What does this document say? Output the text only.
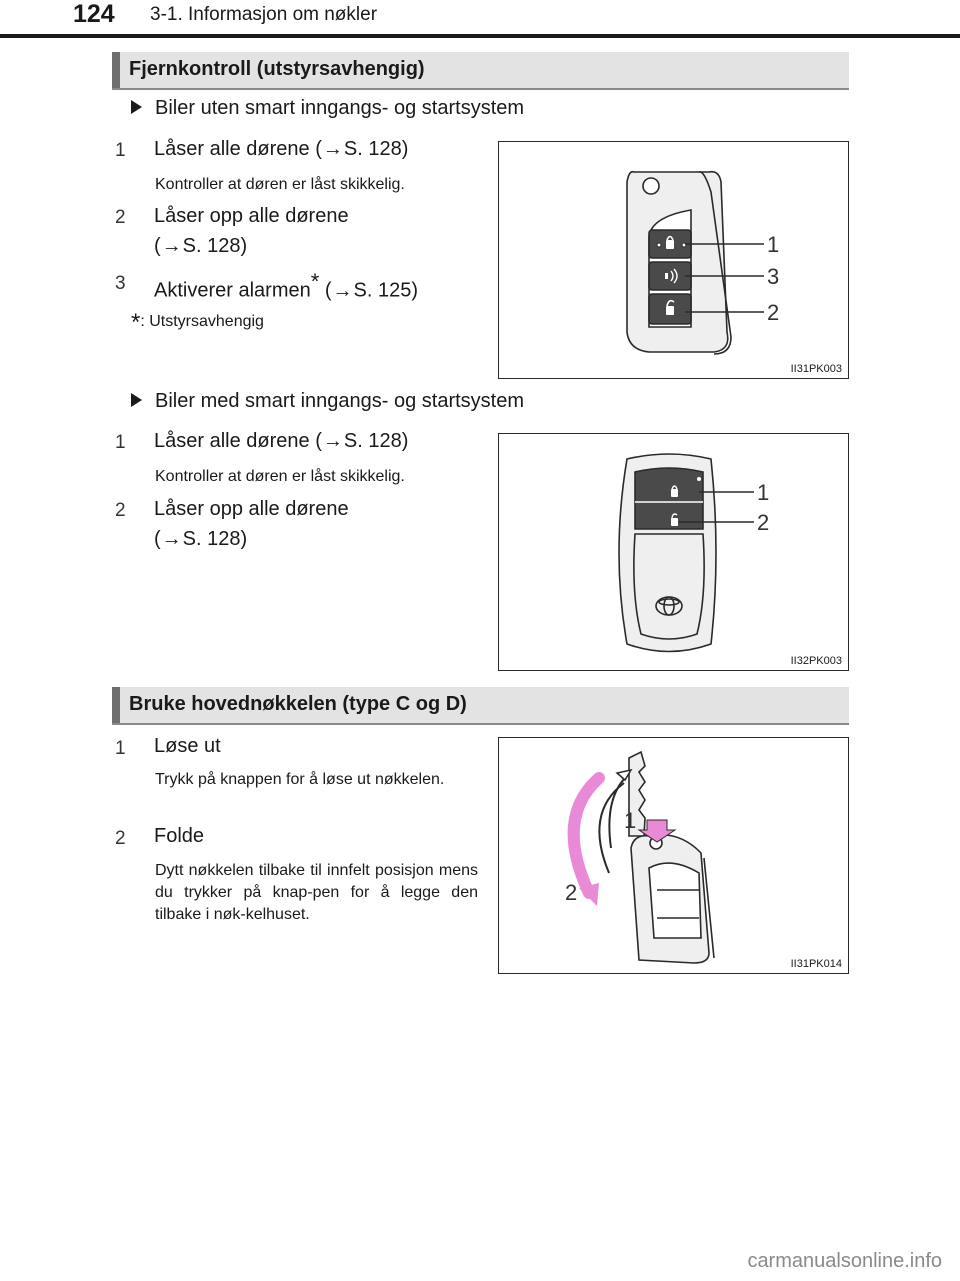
124 3-1. Informasjon om nøkler
Fjernkontroll (utstyrsavhengig)
Biler uten smart inngangs- og startsystem
1	Låser alle dørene (→S. 128)
Kontroller at døren er låst skikkelig.
2	Låser opp alle dørene
(→S. 128)
3	Aktiverer alarmen* (→S. 125)
*: Utstyrsavhengig
1
3
2
II31PK003
Biler med smart inngangs- og startsystem
1	Låser alle dørene (→S. 128)
Kontroller at døren er låst skikkelig.
2	Låser opp alle dørene
(→S. 128)
1
2
II32PK003
Bruke hovednøkkelen (type C og D)
1	Løse ut
Trykk på knappen for å løse ut nøkkelen.
2	Folde
Dytt nøkkelen tilbake til innfelt posisjon mens du trykker på knap-pen for å legge den tilbake i nøk-kelhuset.
1
2
II31PK014
carmanualsonline.info
